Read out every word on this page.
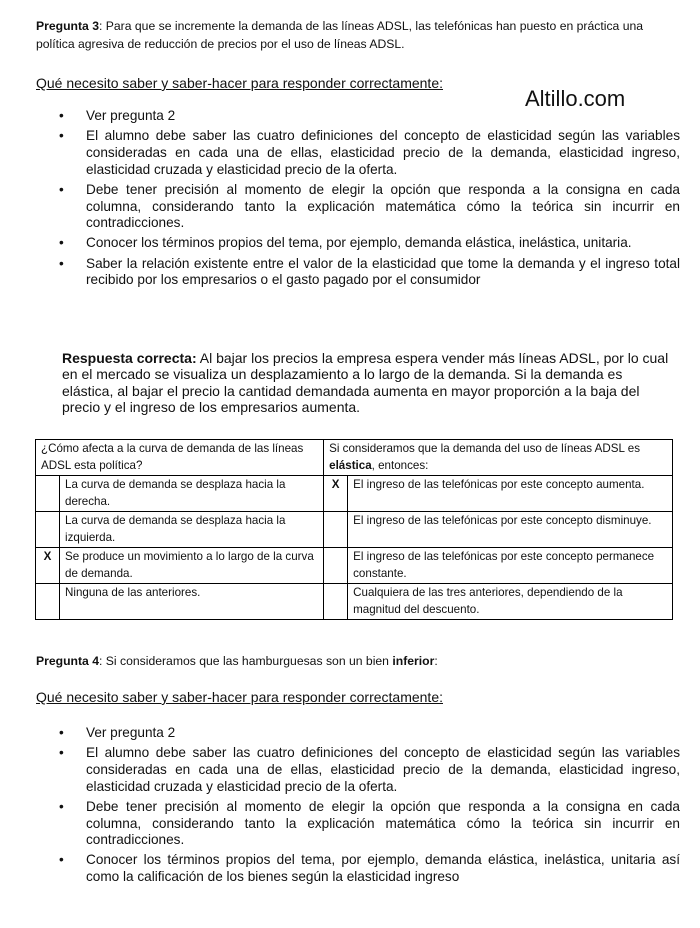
Pregunta 3: Para que se incremente la demanda de las líneas ADSL, las telefónicas han puesto en práctica una política agresiva de reducción de precios por el uso de líneas ADSL.
Qué necesito saber y saber-hacer para responder correctamente:
Altillo.com
• Ver pregunta 2
• El alumno debe saber las cuatro definiciones del concepto de elasticidad según las variables consideradas en cada una de ellas, elasticidad precio de la demanda, elasticidad ingreso, elasticidad cruzada y elasticidad precio de la oferta.
• Debe tener precisión al momento de elegir la opción que responda a la consigna en cada columna, considerando tanto la explicación matemática cómo la teórica sin incurrir en contradicciones.
• Conocer los términos propios del tema, por ejemplo, demanda elástica, inelástica, unitaria.
• Saber la relación existente entre el valor de la elasticidad que tome la demanda y el ingreso total recibido por los empresarios o el gasto pagado por el consumidor
Respuesta correcta: Al bajar los precios la empresa espera vender más líneas ADSL, por lo cual en el mercado se visualiza un desplazamiento a lo largo de la demanda. Si la demanda es elástica, al bajar el precio la cantidad demandada aumenta en mayor proporción a la baja del precio y el ingreso de los empresarios aumenta.
¿Cómo afecta a la curva de demanda de las líneas ADSL esta política?		Si consideramos que la demanda del uso de líneas ADSL es elástica, entonces:	
	La curva de demanda se desplaza hacia la derecha.	X	El ingreso de las telefónicas por este concepto aumenta.
	La curva de demanda se desplaza hacia la izquierda.		El ingreso de las telefónicas por este concepto disminuye.
X	Se produce un movimiento a lo largo de la curva de demanda.		El ingreso de las telefónicas por este concepto permanece constante.
	Ninguna de las anteriores.		Cualquiera de las tres anteriores, dependiendo de la magnitud del descuento.
Pregunta 4: Si consideramos que las hamburguesas son un bien inferior:
Qué necesito saber y saber-hacer para responder correctamente:
• Ver pregunta 2
• El alumno debe saber las cuatro definiciones del concepto de elasticidad según las variables consideradas en cada una de ellas, elasticidad precio de la demanda, elasticidad ingreso, elasticidad cruzada y elasticidad precio de la oferta.
• Debe tener precisión al momento de elegir la opción que responda a la consigna en cada columna, considerando tanto la explicación matemática cómo la teórica sin incurrir en contradicciones.
• Conocer los términos propios del tema, por ejemplo, demanda elástica, inelástica, unitaria así como la calificación de los bienes según la elasticidad ingreso
